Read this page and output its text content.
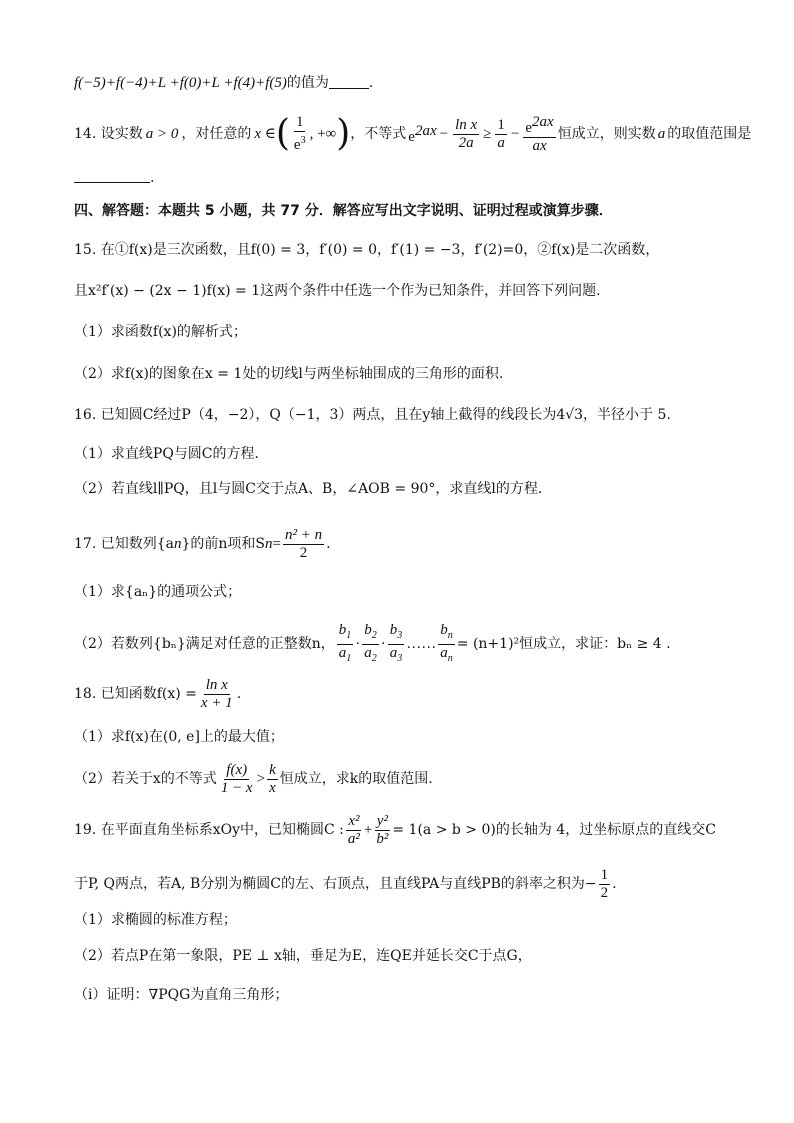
f(−5)+f(−4)+L +f(0)+L +f(4)+f(5)的值为	.
14. 设实数 a > 0 ，对任意的 x ∈ ( $\frac{1}{e^3}$ , +∞ ) ，不等式 $e^{2ax} - \frac{\text{ln x}}{2a} \ge \frac{1}{a} - \frac{e^{2ax}}{ax}$ 恒成立，则实数 a 的取值范围是
.
四、解答题：本题共 5 小题，共 77 分．解答应写出文字说明、证明过程或演算步骤．
15. 在①f(x)是三次函数，且f(0) = 3，f′(0) = 0，f′(1) = −3，f′(2)=0，②f(x)是二次函数，
且x²f′(x) − (2x − 1)f(x) = 1这两个条件中任选一个作为已知条件，并回答下列问题.
（1）求函数f(x)的解析式；
（2）求f(x)的图象在x = 1处的切线l与两坐标轴围成的三角形的面积.
16. 已知圆C经过P（4，−2），Q（−1，3）两点，且在y轴上截得的线段长为4√3，半径小于 5.
（1）求直线PQ与圆C的方程．
（2）若直线l∥PQ，且l与圆C交于点A、B，∠AOB = 90°，求直线l的方程．
17. 已知数列{a n }的前n项和S $n = \frac{\text{n² + n}}{2}$ .
（1）求{aₙ}的通项公式；
（2）若数列{bₙ}满足对任意的正整数n， $\frac{b_1}{a_1} \cdot \frac{b_2}{a_2} \cdot \frac{b_3}{a_3}$ …… $\frac{b_n}{a_n} = (n+1)^2$恒成立，求证：bₙ ≥ 4 .
18. 已知函数$f(x) = \frac{\text{ln x}}{x + 1}$ .
（1）求f(x)在(0, e]上的最大值；
（2）若关于x的不等式 $\frac{f(x)}{1 - x} > \frac{k}{x}$ 恒成立，求k的取值范围.
19. 在平面直角坐标系xOy中，已知椭圆C : $\frac{\text{x²}}{\text{a²}} + \frac{\text{y²}}{\text{b²}} = 1(a > b > 0)$的长轴为 4，过坐标原点的直线交C
于P, Q两点，若A, B分别为椭圆C的左、右顶点，且直线PA与直线PB的斜率之积为− $\frac{1}{2}$ .
（1）求椭圆的标准方程；
（2）若点P在第一象限，PE ⊥ x轴，垂足为E，连QE并延长交C于点G，
（i）证明：∇PQG为直角三角形；
